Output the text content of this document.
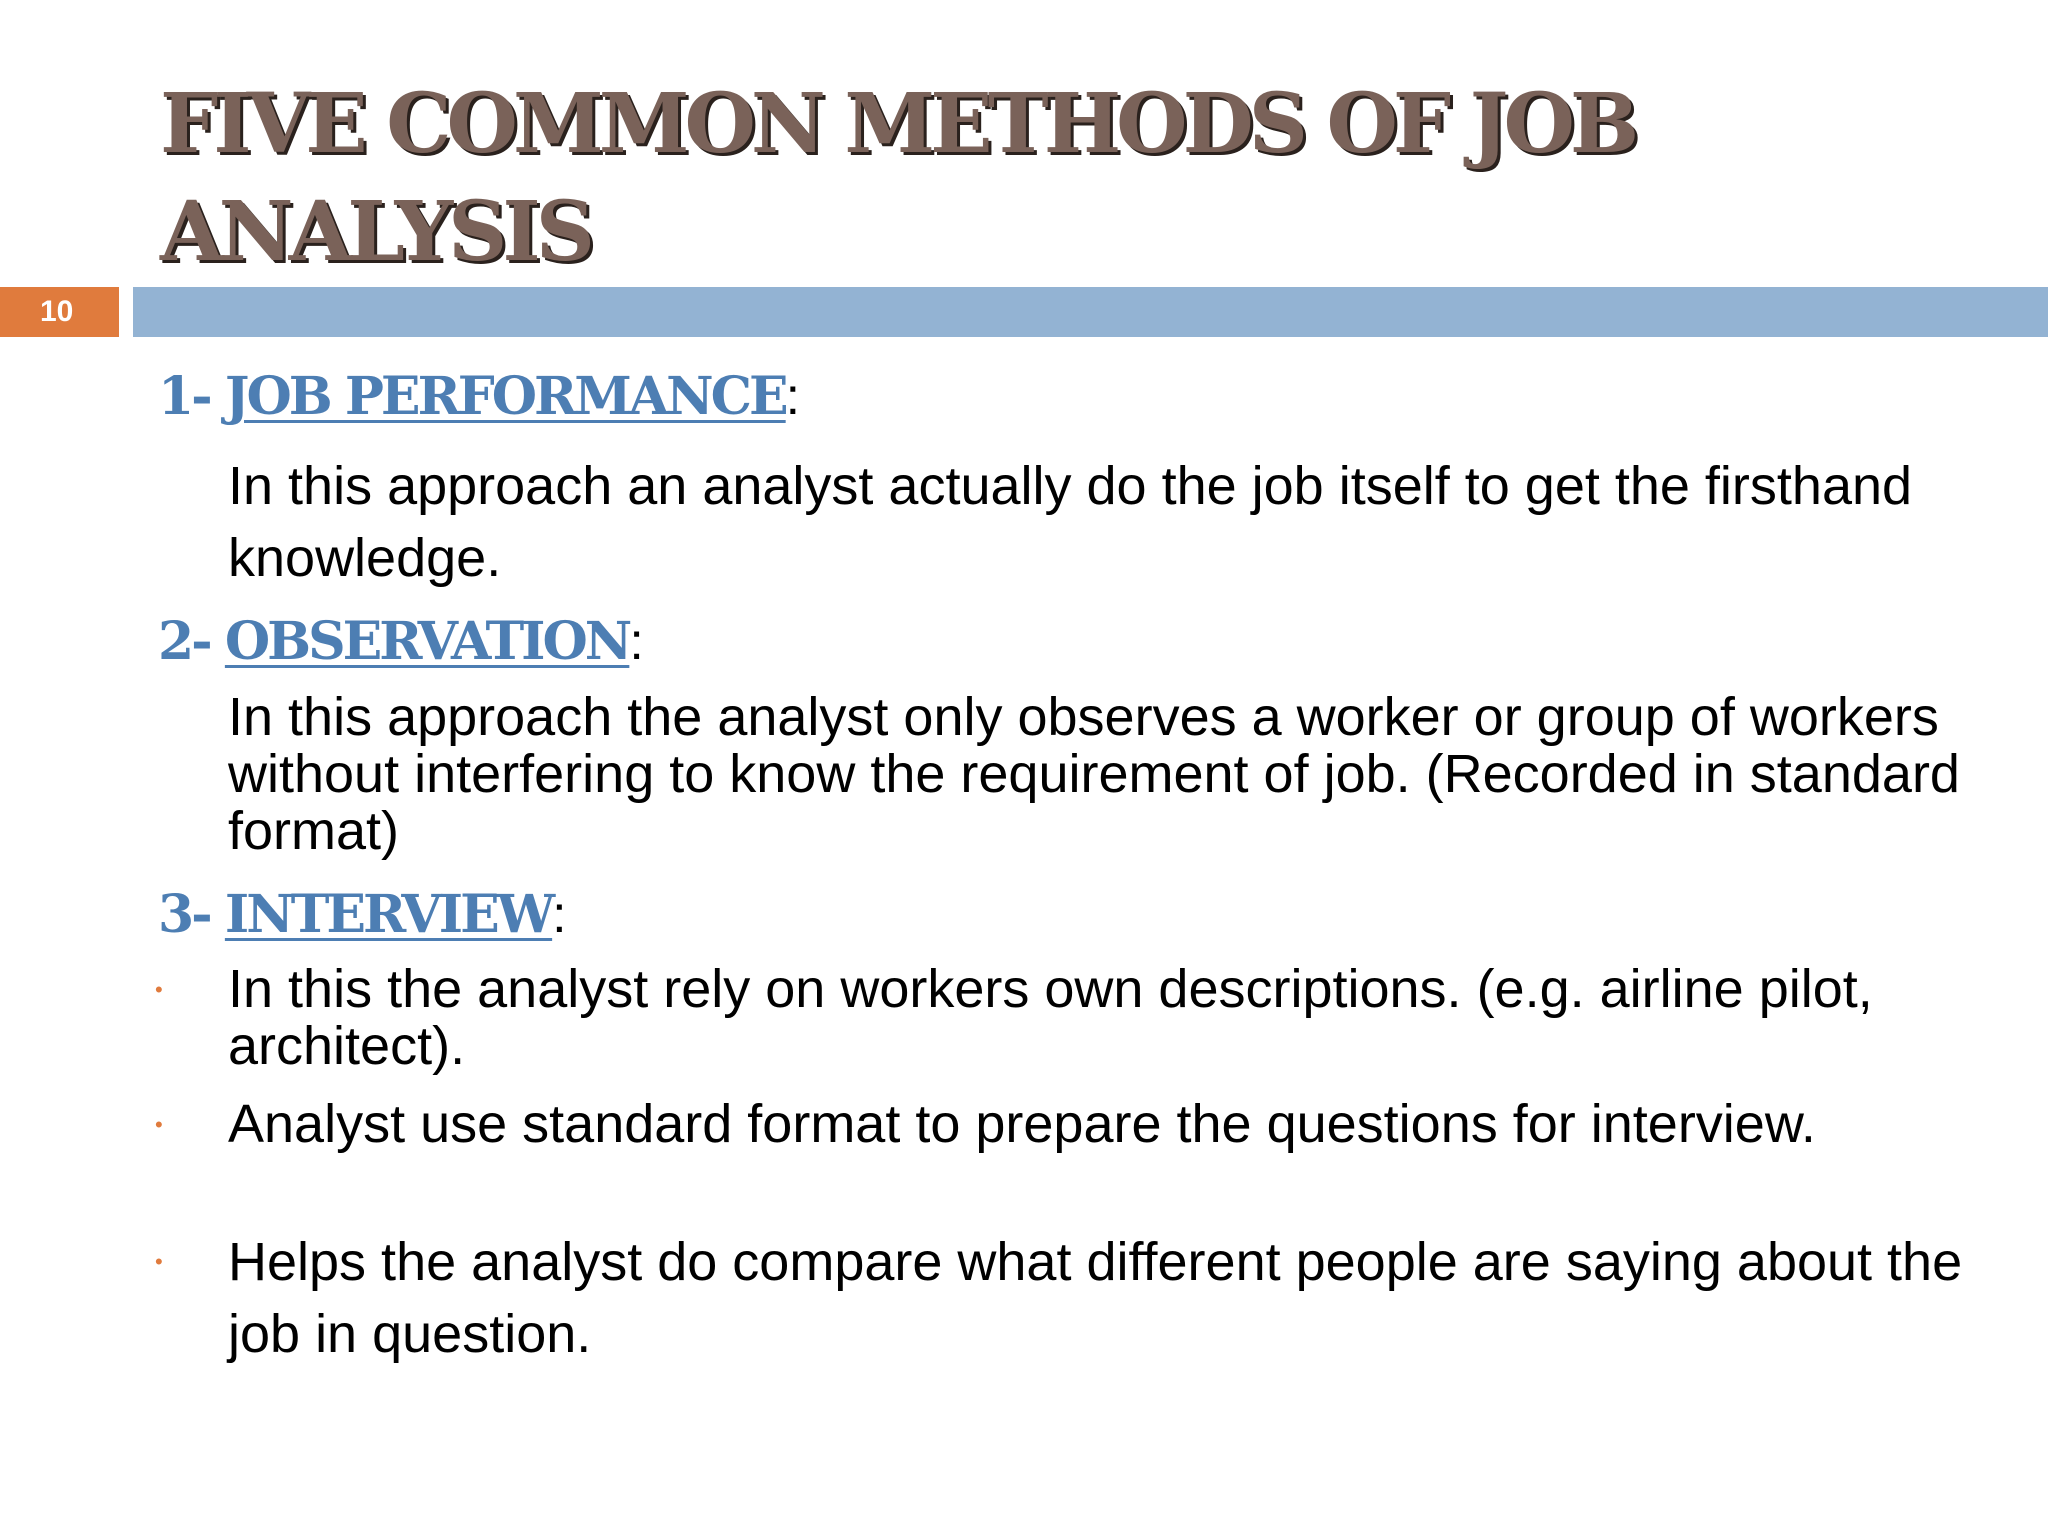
FIVE COMMON METHODS OF JOB ANALYSIS
10
1- JOB PERFORMANCE:

In this approach an analyst actually do the job itself to get the firsthand knowledge.

2- OBSERVATION:

In this approach the analyst only observes a worker or group of workers without interfering to know the requirement of job. (Recorded in standard format)

3- INTERVIEW:
• In this the analyst rely on workers own descriptions. (e.g. airline pilot, architect).
• Analyst use standard format to prepare the questions for interview.
• Helps the analyst do compare what different people are saying about the job in question.
